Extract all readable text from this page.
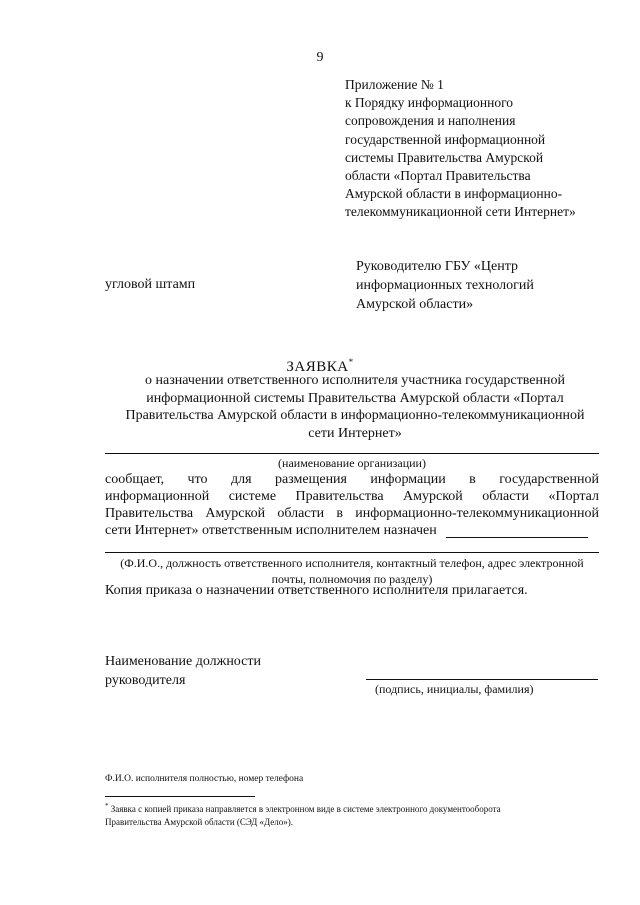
9
Приложение № 1
к Порядку информационного
сопровождения и наполнения
государственной информационной
системы Правительства Амурской
области «Портал Правительства
Амурской области в информационно-
телекоммуникационной сети Интернет»
угловой штамп
Руководителю ГБУ «Центр
информационных технологий
Амурской области»
ЗАЯВКА*
о назначении ответственного исполнителя участника государственной
информационной системы Правительства Амурской области «Портал
Правительства Амурской области в информационно-телекоммуникационной
сети Интернет»
(наименование организации)
сообщает, что для размещения информации в государственной
информационной системе Правительства Амурской области «Портал
Правительства Амурской области в информационно-телекоммуникационной
сети Интернет» ответственным исполнителем назначен
(Ф.И.О., должность ответственного исполнителя, контактный телефон, адрес электронной
почты, полномочия по разделу)
Копия приказа о назначении ответственного исполнителя прилагается.
Наименование должности
руководителя
(подпись, инициалы, фамилия)
Ф.И.О. исполнителя полностью, номер телефона
* Заявка с копией приказа направляется в электронном виде в системе электронного документооборота
Правительства Амурской области (СЭД «Дело»).
